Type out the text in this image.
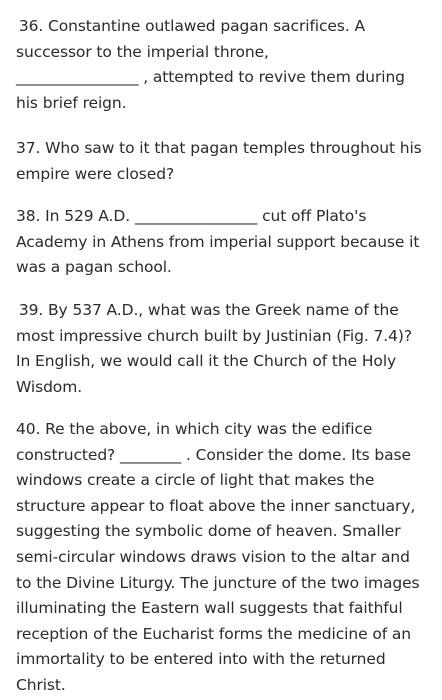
36. Constantine outlawed pagan sacrifices. A
successor to the imperial throne,
________________ , attempted to revive them during
his brief reign.
37. Who saw to it that pagan temples throughout his
empire were closed?
38. In 529 A.D. ________________ cut off Plato's
Academy in Athens from imperial support because it
was a pagan school.
39. By 537 A.D., what was the Greek name of the
most impressive church built by Justinian (Fig. 7.4)?
In English, we would call it the Church of the Holy
Wisdom.
40. Re the above, in which city was the edifice
constructed? ________ . Consider the dome. Its base
windows create a circle of light that makes the
structure appear to float above the inner sanctuary,
suggesting the symbolic dome of heaven. Smaller
semi-circular windows draws vision to the altar and
to the Divine Liturgy. The juncture of the two images
illuminating the Eastern wall suggests that faithful
reception of the Eucharist forms the medicine of an
immortality to be entered into with the returned
Christ.
